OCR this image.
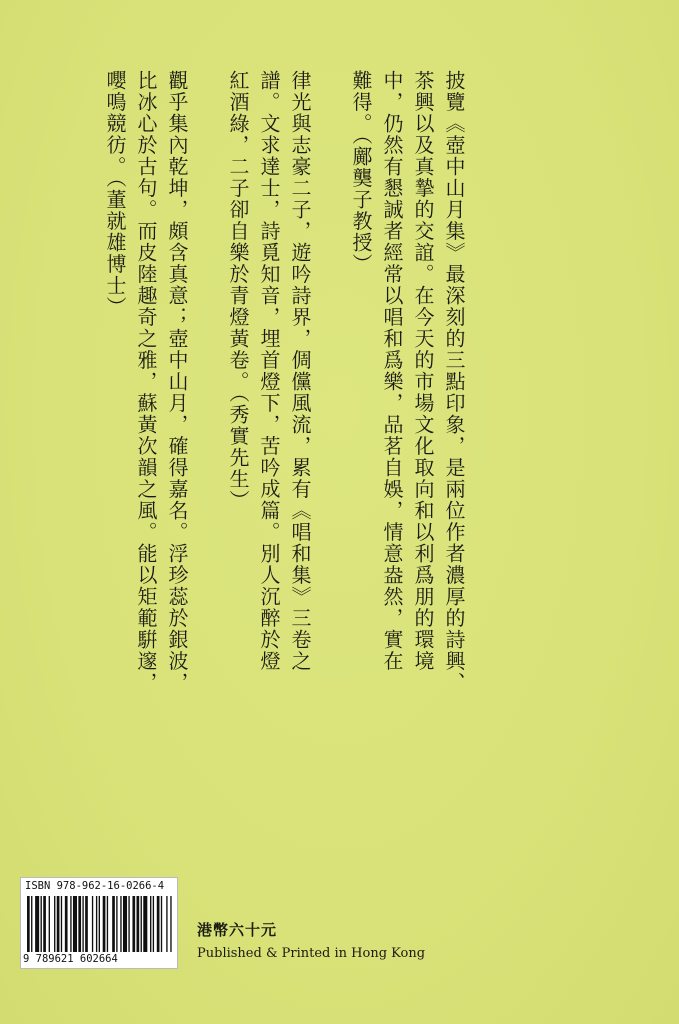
披覽《壺中山月集》最深刻的三點印象，是兩位作者濃厚的詩興、
茶興以及真摯的交誼。在今天的市場文化取向和以利爲朋的環境
中，仍然有懇誠者經常以唱和爲樂，品茗自娛，情意盎然，實在
難得。（鄺龑子教授）
律光與志豪二子，遊吟詩界，倜儻風流，累有《唱和集》三卷之
譜。文求達士，詩覓知音，埋首燈下，苦吟成篇。別人沉醉於燈
紅酒綠，二子卻自樂於青燈黃卷。（秀實先生）
觀乎集內乾坤，頗含真意；壺中山月，確得嘉名。浮珍蕊於銀波，
比冰心於古句。而皮陸趣奇之雅，蘇黃次韻之風。能以矩範騈邃，
嚶鳴競彷。（董就雄博士）
ISBN 978-962-16-0266-4
9 789621 602664
港幣六十元
Published & Printed in Hong Kong
